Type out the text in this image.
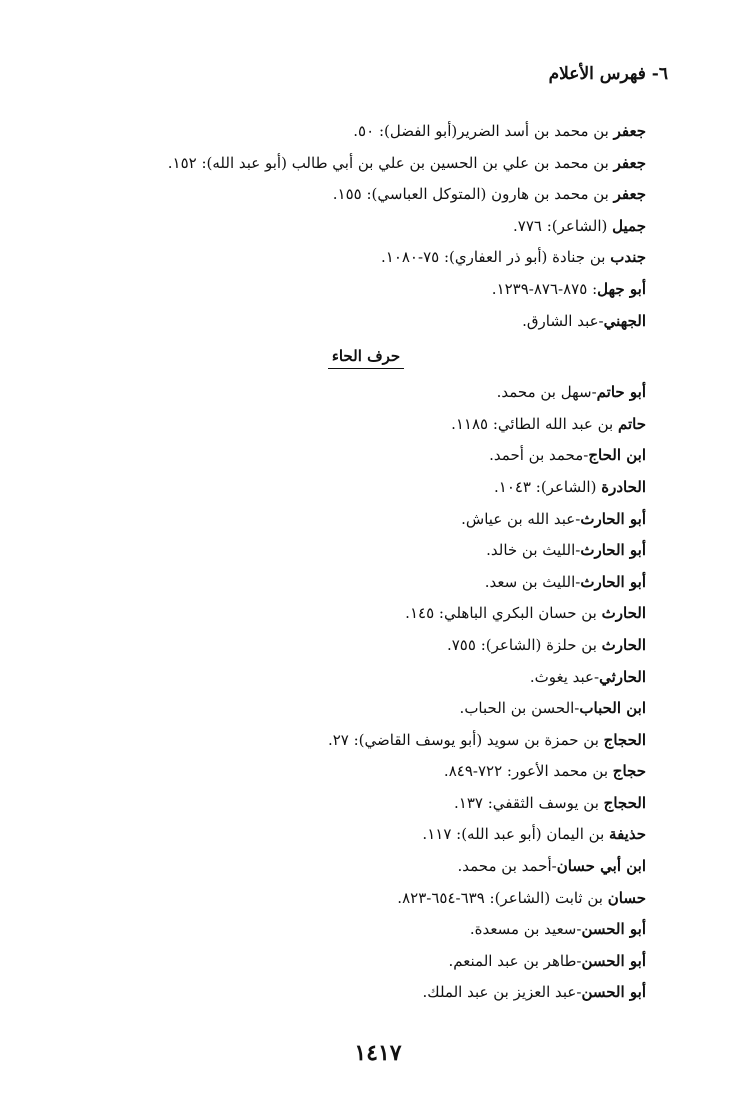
٦- فهرس الأعلام
جعفر بن محمد بن أسد الضرير(أبو الفضل): ٥٠.
جعفر بن محمد بن علي بن الحسين بن علي بن أبي طالب (أبو عبد الله): ١٥٢.
جعفر بن محمد بن هارون (المتوكل العباسي): ١٥٥.
جميل (الشاعر): ٧٧٦.
جندب بن جنادة (أبو ذر العفاري): ٧٥-١٠٨٠.
أبو جهل: ٨٧٥-٨٧٦-١٢٣٩.
الجهني-عبد الشارق.
حرف الحاء
أبو حاتم-سهل بن محمد.
حاتم بن عبد الله الطائي: ١١٨٥.
ابن الحاج-محمد بن أحمد.
الحادرة (الشاعر): ١٠٤٣.
أبو الحارث-عبد الله بن عياش.
أبو الحارث-الليث بن خالد.
أبو الحارث-الليث بن سعد.
الحارث بن حسان البكري الباهلي: ١٤٥.
الحارث بن حلزة (الشاعر): ٧٥٥.
الحارثي-عبد يغوث.
ابن الحباب-الحسن بن الحباب.
الحجاج بن حمزة بن سويد (أبو يوسف القاضي): ٢٧.
حجاج بن محمد الأعور: ٧٢٢-٨٤٩.
الحجاج بن يوسف الثقفي: ١٣٧.
حذيفة بن اليمان (أبو عبد الله): ١١٧.
ابن أبي حسان-أحمد بن محمد.
حسان بن ثابت (الشاعر): ٦٣٩-٦٥٤-٨٢٣.
أبو الحسن-سعيد بن مسعدة.
أبو الحسن-طاهر بن عبد المنعم.
أبو الحسن-عبد العزيز بن عبد الملك.
١٤١٧
